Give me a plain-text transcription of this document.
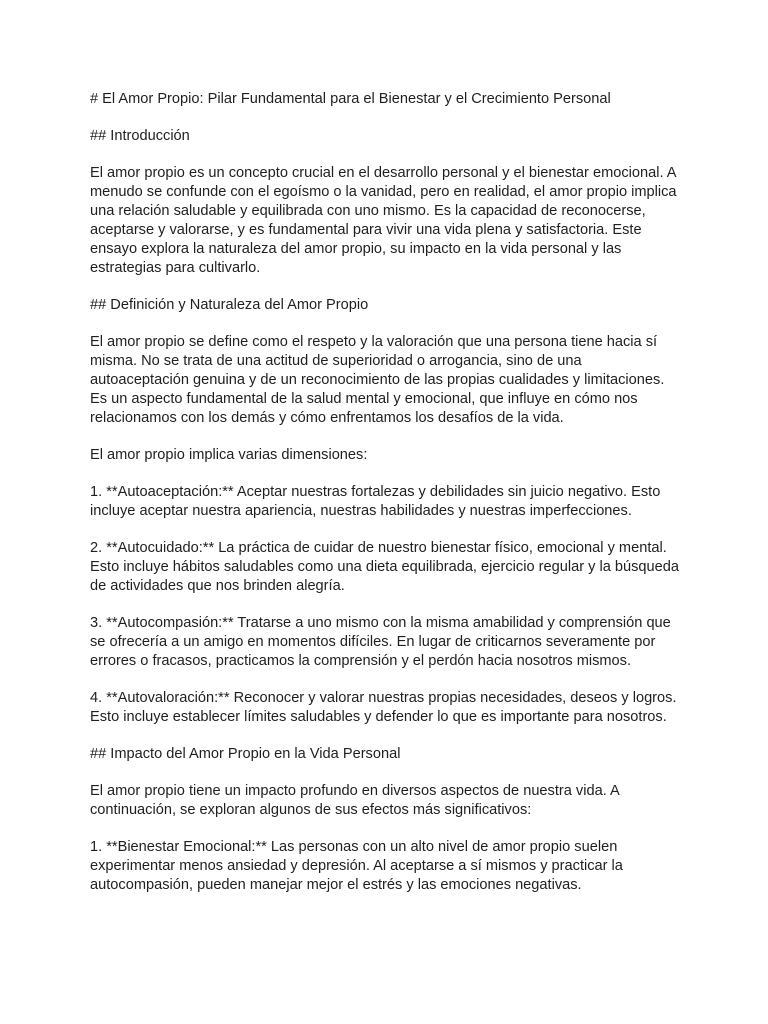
# El Amor Propio: Pilar Fundamental para el Bienestar y el Crecimiento Personal

## Introducción

El amor propio es un concepto crucial en el desarrollo personal y el bienestar emocional. A menudo se confunde con el egoísmo o la vanidad, pero en realidad, el amor propio implica una relación saludable y equilibrada con uno mismo. Es la capacidad de reconocerse, aceptarse y valorarse, y es fundamental para vivir una vida plena y satisfactoria. Este ensayo explora la naturaleza del amor propio, su impacto en la vida personal y las estrategias para cultivarlo.

## Definición y Naturaleza del Amor Propio

El amor propio se define como el respeto y la valoración que una persona tiene hacia sí misma. No se trata de una actitud de superioridad o arrogancia, sino de una autoaceptación genuina y de un reconocimiento de las propias cualidades y limitaciones. Es un aspecto fundamental de la salud mental y emocional, que influye en cómo nos relacionamos con los demás y cómo enfrentamos los desafíos de la vida.

El amor propio implica varias dimensiones:

1. **Autoaceptación:** Aceptar nuestras fortalezas y debilidades sin juicio negativo. Esto incluye aceptar nuestra apariencia, nuestras habilidades y nuestras imperfecciones.

2. **Autocuidado:** La práctica de cuidar de nuestro bienestar físico, emocional y mental. Esto incluye hábitos saludables como una dieta equilibrada, ejercicio regular y la búsqueda de actividades que nos brinden alegría.

3. **Autocompasión:** Tratarse a uno mismo con la misma amabilidad y comprensión que se ofrecería a un amigo en momentos difíciles. En lugar de criticarnos severamente por errores o fracasos, practicamos la comprensión y el perdón hacia nosotros mismos.

4. **Autovaloración:** Reconocer y valorar nuestras propias necesidades, deseos y logros. Esto incluye establecer límites saludables y defender lo que es importante para nosotros.

## Impacto del Amor Propio en la Vida Personal

El amor propio tiene un impacto profundo en diversos aspectos de nuestra vida. A continuación, se exploran algunos de sus efectos más significativos:

1. **Bienestar Emocional:** Las personas con un alto nivel de amor propio suelen experimentar menos ansiedad y depresión. Al aceptarse a sí mismos y practicar la autocompasión, pueden manejar mejor el estrés y las emociones negativas.
